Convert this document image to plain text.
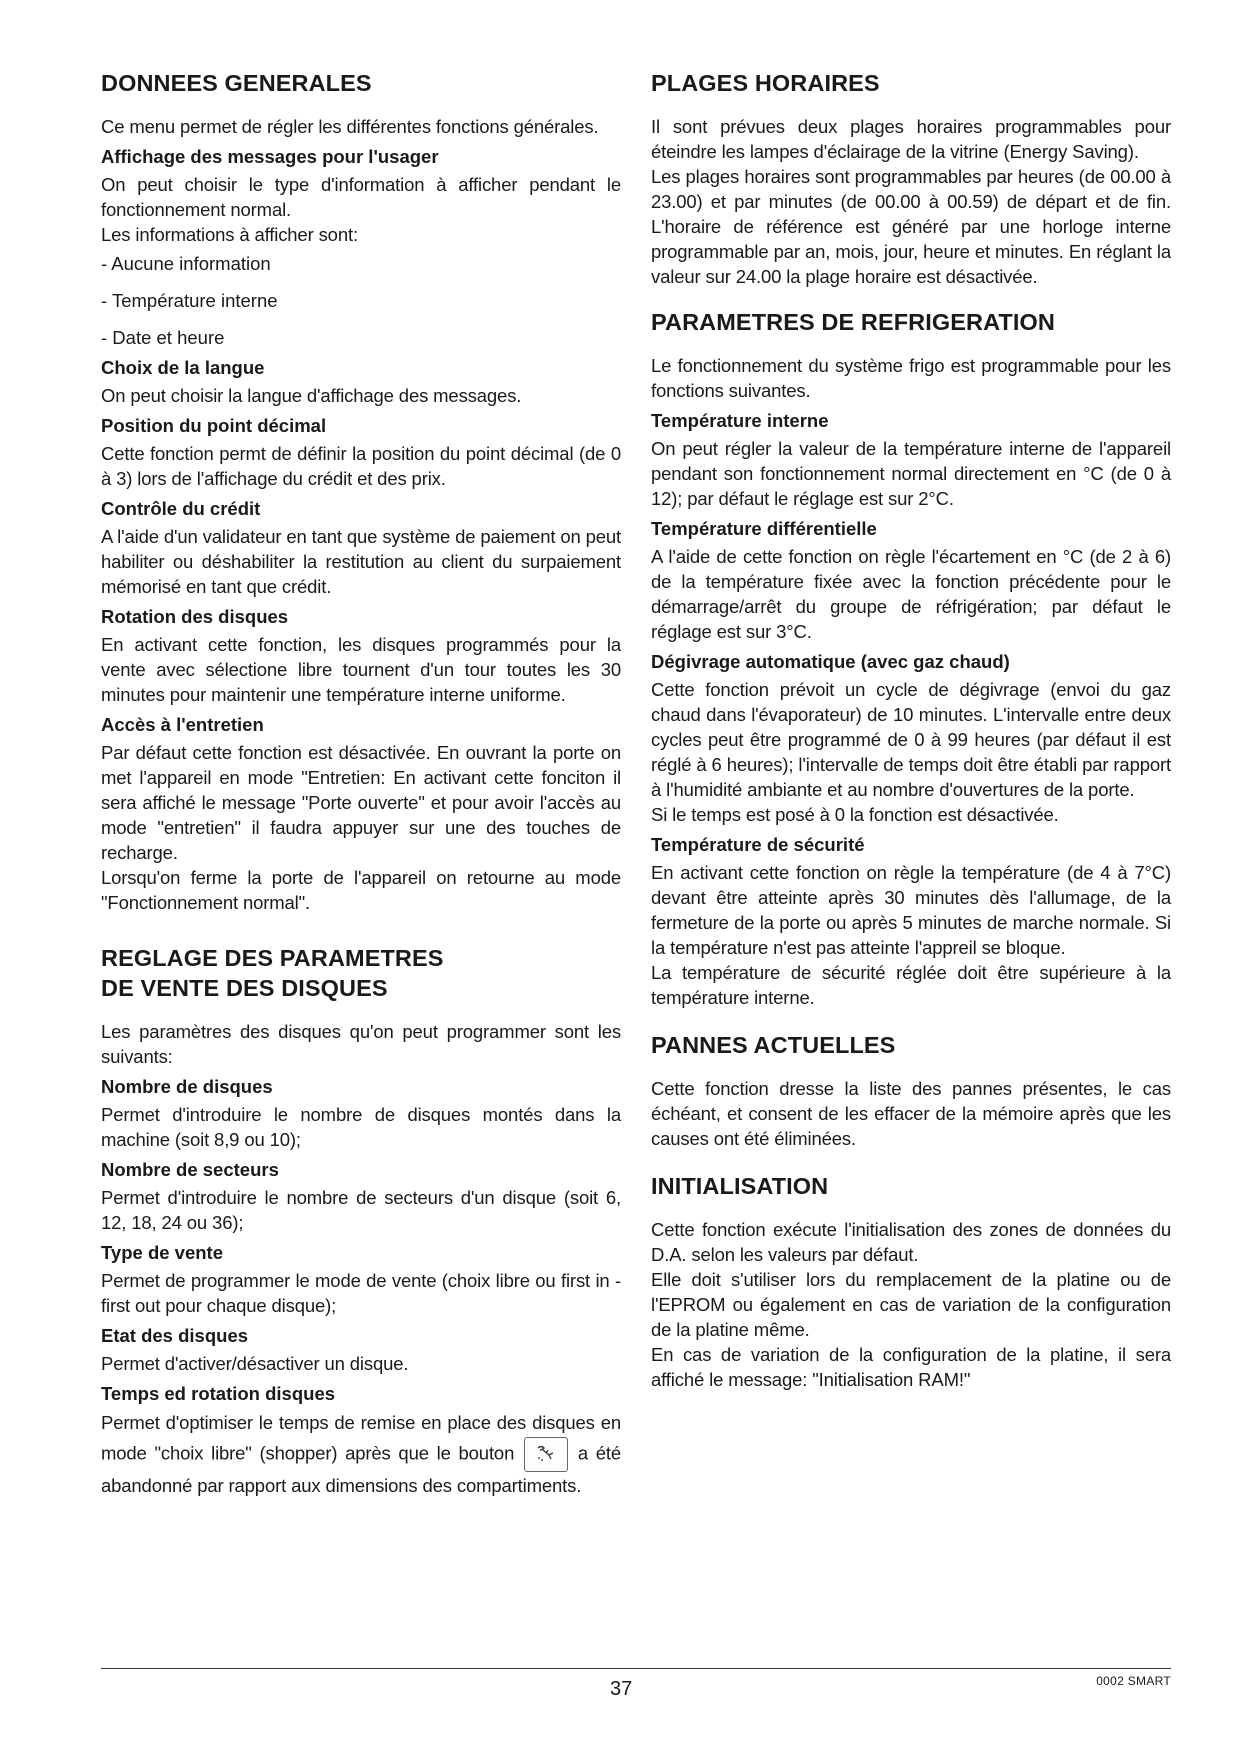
DONNEES GENERALES

Ce menu permet de régler les différentes fonctions générales.

Affichage des messages pour l'usager

On peut choisir le type d'information à afficher pendant le fonctionnement normal.

Les informations à afficher sont:

- Aucune information
- Température interne
- Date et heure
Choix de la langue

On peut choisir la langue d'affichage des messages.

Position du point décimal

Cette fonction permt de définir la position du point décimal (de 0 à 3) lors de l'affichage du crédit et des prix.

Contrôle du crédit

A l'aide d'un validateur en tant que système de paiement on peut habiliter ou déshabiliter la restitution au client du surpaiement mémorisé en tant que crédit.

Rotation des disques

En activant cette fonction, les disques programmés pour la vente avec sélectione libre tournent d'un tour toutes les 30 minutes pour maintenir une température interne uniforme.

Accès à l'entretien

Par défaut cette fonction est désactivée. En ouvrant la porte on met l'appareil en mode "Entretien: En activant cette fonciton il sera affiché le message "Porte ouverte" et pour avoir l'accès au mode "entretien" il faudra appuyer sur une des touches de recharge.

Lorsqu'on ferme la porte de l'appareil on retourne au mode "Fonctionnement normal".

REGLAGE DES PARAMETRES
DE VENTE DES DISQUES

Les paramètres des disques qu'on peut programmer sont les suivants:

Nombre de disques

Permet d'introduire le nombre de disques montés dans la machine (soit 8,9 ou 10);

Nombre de secteurs

Permet d'introduire le nombre de secteurs d'un disque (soit 6, 12, 18, 24 ou 36);

Type de vente

Permet de programmer le mode de vente (choix libre ou first in - first out pour chaque disque);

Etat des disques

Permet d'activer/désactiver un disque.

Temps ed rotation disques

Permet d'optimiser le temps de remise en place des disques en mode "choix libre" (shopper) après que le bouton	a été abandonné par rapport aux dimensions des compartiments.

PLAGES HORAIRES

Il sont prévues deux plages horaires programmables pour éteindre les lampes d'éclairage de la vitrine (Energy Saving).

Les plages horaires sont programmables par heures (de 00.00 à 23.00) et par minutes (de 00.00 à 00.59) de départ et de fin. L'horaire de référence est généré par une horloge interne programmable par an, mois, jour, heure et minutes. En réglant la valeur sur 24.00 la plage horaire est désactivée.

PARAMETRES DE REFRIGERATION

Le fonctionnement du système frigo est programmable pour les fonctions suivantes.

Température interne

On peut régler la valeur de la température interne de l'appareil pendant son fonctionnement normal directement en °C (de 0 à 12); par défaut le réglage est sur 2°C.

Température différentielle

A l'aide de cette fonction on règle l'écartement en °C (de 2 à 6) de la température fixée avec la fonction précédente pour le démarrage/arrêt du groupe de réfrigération; par défaut le réglage est sur 3°C.

Dégivrage automatique (avec gaz chaud)

Cette fonction prévoit un cycle de dégivrage (envoi du gaz chaud dans l'évaporateur) de 10 minutes. L'intervalle entre deux cycles peut être programmé de 0 à 99 heures (par défaut il est réglé à 6 heures); l'intervalle de temps doit être établi par rapport à l'humidité ambiante et au nombre d'ouvertures de la porte.

Si le temps est posé à 0 la fonction est désactivée.

Température de sécurité

En activant cette fonction on règle la température (de 4 à 7°C) devant être atteinte après 30 minutes dès l'allumage, de la fermeture de la porte ou après 5 minutes de marche normale. Si la température n'est pas atteinte l'appreil se bloque.

La température de sécurité réglée doit être supérieure à la température interne.

PANNES ACTUELLES

Cette fonction dresse la liste des pannes présentes, le cas échéant, et consent de les effacer de la mémoire après que les causes ont été éliminées.

INITIALISATION

Cette fonction exécute l'initialisation des zones de données du D.A. selon les valeurs par défaut.

Elle doit s'utiliser lors du remplacement de la platine ou de l'EPROM ou également en cas de variation de la configuration de la platine même.

En cas de variation de la configuration de la platine, il sera affiché le message: "Initialisation RAM!"

37	0002 SMART
